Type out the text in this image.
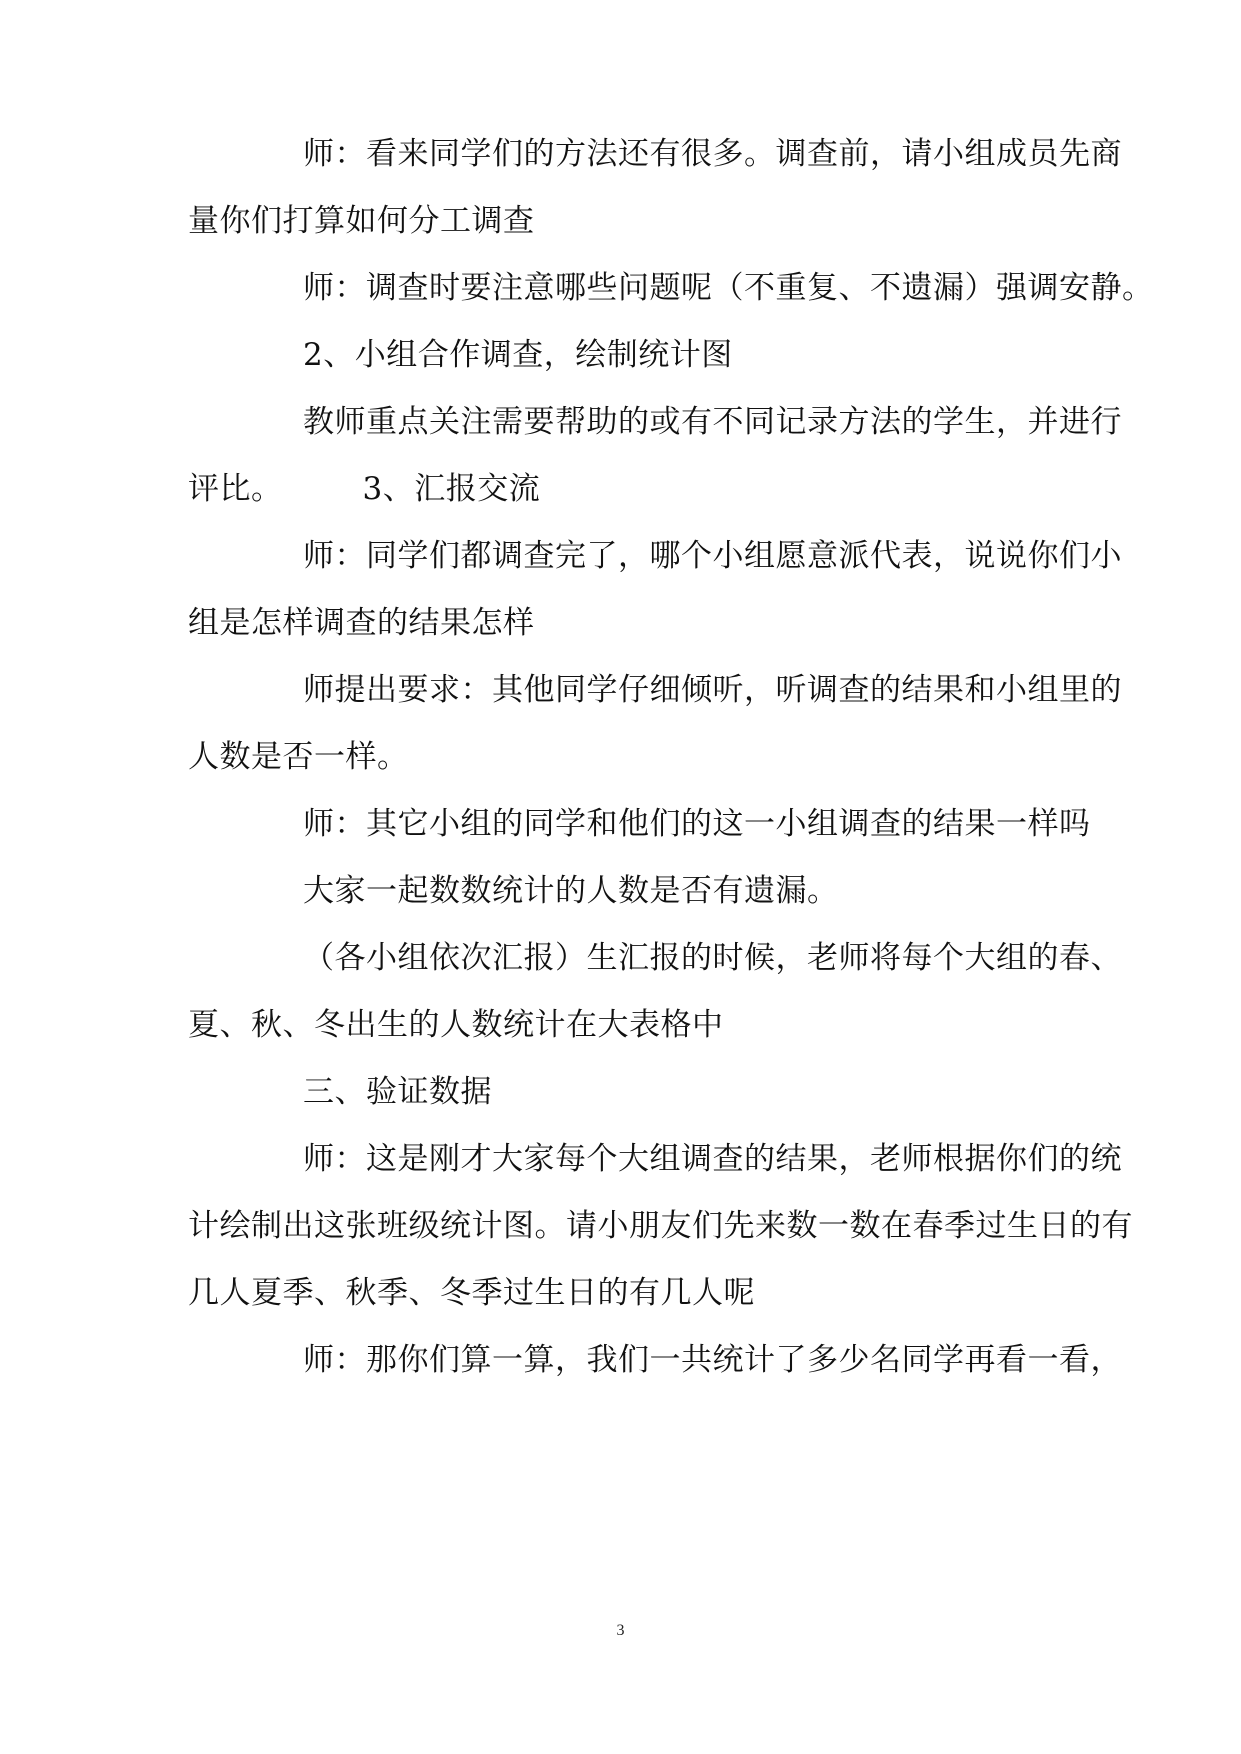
师：看来同学们的方法还有很多。调查前，请小组成员先商
量你们打算如何分工调查
师：调查时要注意哪些问题呢（不重复、不遗漏）强调安静。
2、小组合作调查，绘制统计图
教师重点关注需要帮助的或有不同记录方法的学生，并进行
评比。	3、汇报交流
师：同学们都调查完了，哪个小组愿意派代表，说说你们小
组是怎样调查的结果怎样
师提出要求：其他同学仔细倾听，听调查的结果和小组里的
人数是否一样。
师：其它小组的同学和他们的这一小组调查的结果一样吗
大家一起数数统计的人数是否有遗漏。
（各小组依次汇报）生汇报的时候，老师将每个大组的春、
夏、秋、冬出生的人数统计在大表格中
三、验证数据
师：这是刚才大家每个大组调查的结果，老师根据你们的统
计绘制出这张班级统计图。请小朋友们先来数一数在春季过生日的有
几人夏季、秋季、冬季过生日的有几人呢
师：那你们算一算，我们一共统计了多少名同学再看一看，
3
